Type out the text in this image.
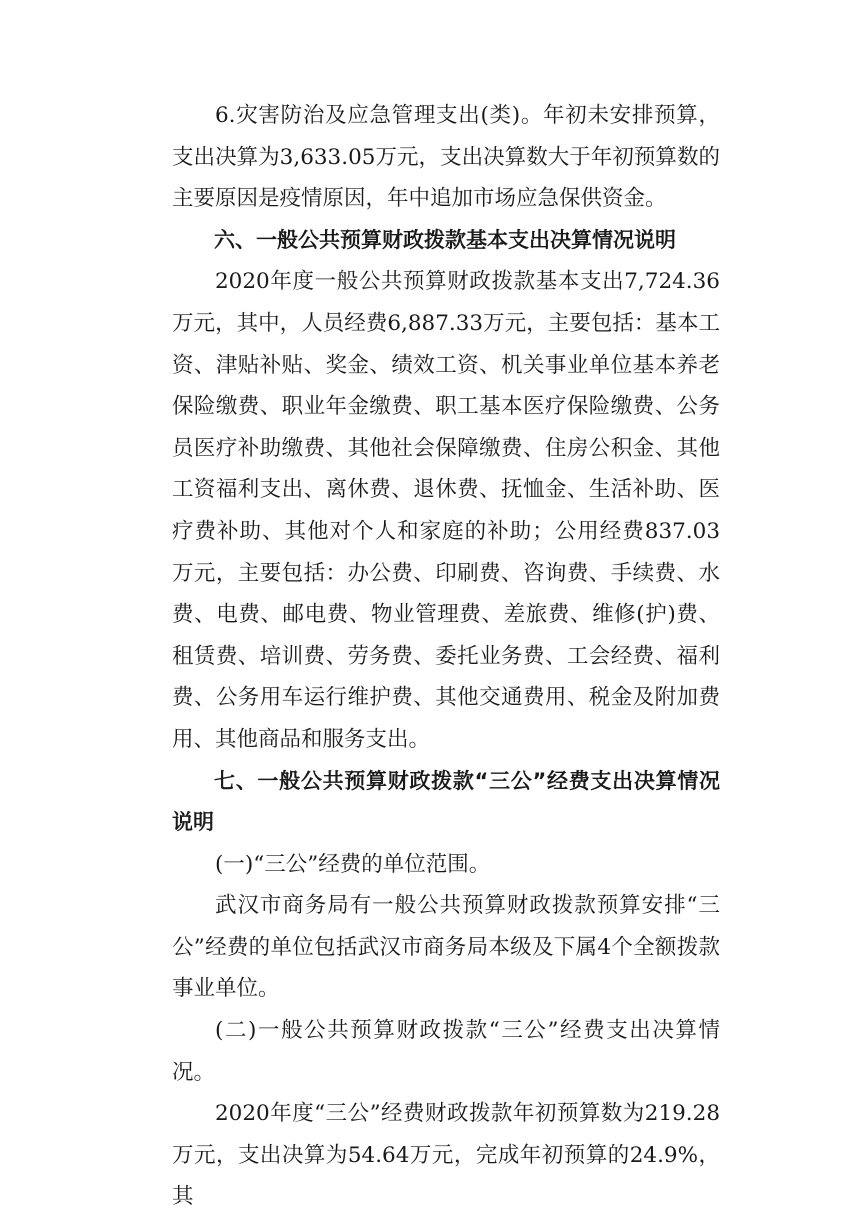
6.灾害防治及应急管理支出(类)。年初未安排预算，支出决算为3,633.05万元，支出决算数大于年初预算数的主要原因是疫情原因，年中追加市场应急保供资金。

六、一般公共预算财政拨款基本支出决算情况说明

2020年度一般公共预算财政拨款基本支出7,724.36万元，其中，人员经费6,887.33万元，主要包括：基本工资、津贴补贴、奖金、绩效工资、机关事业单位基本养老保险缴费、职业年金缴费、职工基本医疗保险缴费、公务员医疗补助缴费、其他社会保障缴费、住房公积金、其他工资福利支出、离休费、退休费、抚恤金、生活补助、医疗费补助、其他对个人和家庭的补助；公用经费837.03万元，主要包括：办公费、印刷费、咨询费、手续费、水费、电费、邮电费、物业管理费、差旅费、维修(护)费、租赁费、培训费、劳务费、委托业务费、工会经费、福利费、公务用车运行维护费、其他交通费用、税金及附加费用、其他商品和服务支出。

七、一般公共预算财政拨款“三公”经费支出决算情况说明

(一)“三公”经费的单位范围。

武汉市商务局有一般公共预算财政拨款预算安排“三公”经费的单位包括武汉市商务局本级及下属4个全额拨款事业单位。

(二)一般公共预算财政拨款“三公”经费支出决算情况。

2020年度“三公”经费财政拨款年初预算数为219.28万元，支出决算为54.64万元，完成年初预算的24.9%，其
